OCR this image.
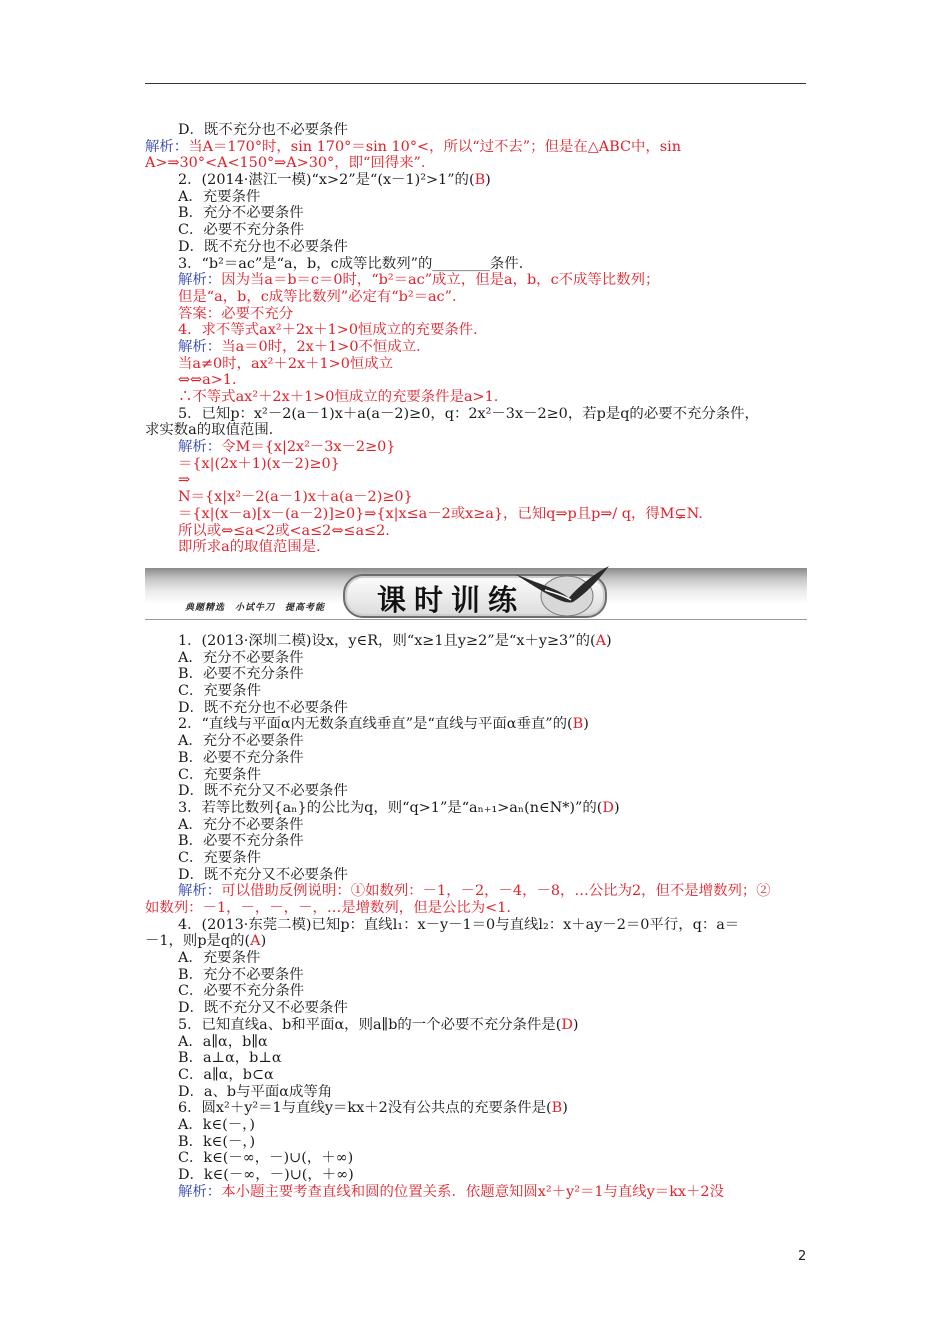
D．既不充分也不必要条件
解析：当A＝170°时，sin 170°＝sin 10°<，所以“过不去”；但是在△ABC中，sin
A>⇒30°<A<150°⇒A>30°，即“回得来”．
2．(2014·湛江一模)“x>2”是“(x－1)²>1”的(B)
A．充要条件
B．充分不必要条件
C．必要不充分条件
D．既不充分也不必要条件
3．“b²＝ac”是“a，b，c成等比数列”的________条件．
解析：因为当a＝b＝c＝0时，“b²＝ac”成立，但是a，b，c不成等比数列；
但是“a，b，c成等比数列”必定有“b²＝ac”．
答案：必要不充分
4．求不等式ax²＋2x＋1>0恒成立的充要条件．
解析：当a＝0时，2x＋1>0不恒成立．
当a≠0时，ax²＋2x＋1>0恒成立
⇔⇔a>1.
∴不等式ax²＋2x＋1>0恒成立的充要条件是a>1.
5．已知p：x²－2(a－1)x＋a(a－2)≥0，q：2x²－3x－2≥0，若p是q的必要不充分条件，
求实数a的取值范围．
解析：令M＝{x|2x²－3x－2≥0}
＝{x|(2x＋1)(x－2)≥0}
⇒
N＝{x|x²－2(a－1)x＋a(a－2)≥0}
＝{x|(x－a)[x－(a－2)]≥0}⇒{x|x≤a－2或x≥a}，已知q⇒p且p⇒/ q，得M⊊N.
所以或⇔≤a<2或<a≤2⇔≤a≤2.
即所求a的取值范围是.
典题精选　小试牛刀　提高考能 课时训练
1．(2013·深圳二模)设x，y∈R，则“x≥1且y≥2”是“x＋y≥3”的(A)
A．充分不必要条件
B．必要不充分条件
C．充要条件
D．既不充分也不必要条件
2．“直线与平面α内无数条直线垂直”是“直线与平面α垂直”的(B)
A．充分不必要条件
B．必要不充分条件
C．充要条件
D．既不充分又不必要条件
3．若等比数列{aₙ}的公比为q，则“q>1”是“aₙ₊₁>aₙ(n∈N*)”的(D)
A．充分不必要条件
B．必要不充分条件
C．充要条件
D．既不充分又不必要条件
解析：可以借助反例说明：①如数列：－1，－2，－4，－8，…公比为2，但不是增数列；②
如数列：－1，－，－，－，…是增数列，但是公比为<1.
4．(2013·东莞二模)已知p：直线l₁：x－y－1＝0与直线l₂：x＋ay－2＝0平行，q：a＝
－1，则p是q的(A)
A．充要条件
B．充分不必要条件
C．必要不充分条件
D．既不充分又不必要条件
5．已知直线a、b和平面α，则a∥b的一个必要不充分条件是(D)
A．a∥α，b∥α
B．a⊥α，b⊥α
C．a∥α，b⊂α
D．a、b与平面α成等角
6．圆x²＋y²＝1与直线y＝kx＋2没有公共点的充要条件是(B)
A．k∈(－，)
B．k∈(－，)
C．k∈(－∞，－)∪(，＋∞)
D．k∈(－∞，－)∪(，＋∞)
解析：本小题主要考查直线和圆的位置关系．依题意知圆x²＋y²＝1与直线y＝kx＋2没
2
